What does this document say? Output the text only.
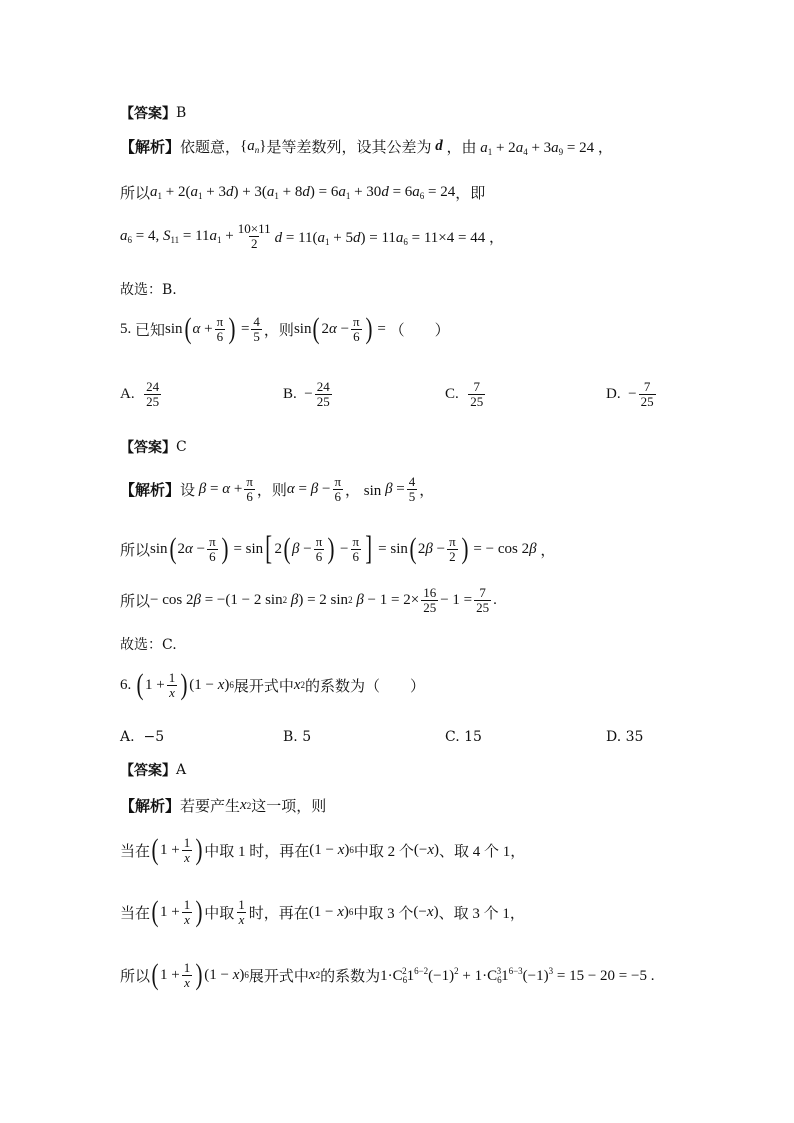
【答案】 B
【解析】 依题意， $\{a_n\}$ 是等差数列，设其公差为 d ，由 $a_1 + 2a_4 + 3a_9 = 24$ ，
所以 $a_1 + 2(a_1 + 3d) + 3(a_1 + 8d) = 6a_1 + 30d = 6a_6 = 24$ ，即
$a_6 = 4$, $S_{11} = 11a_1 + \frac{10\times 11}{2}$ $d = 11(a_1 + 5d) = 11a_6 = 11\times 4 = 44$ ，
故选：B.
5.
已知 sin ( $\alpha + \frac{\pi}{6}$ ) = $\frac{4}{5}$ ，则 sin ( 2 $\alpha - \frac{\pi}{6}$ ) = （　　）
A.
$\frac{24}{25}$	B.
− $\frac{24}{25}$	C.
$\frac{7}{25}$	D.
− $\frac{7}{25}$
【答案】 C
【解析】 设 $\beta = \alpha + \frac{\pi}{6}$ ，则 $\alpha = \beta - \frac{\pi}{6}$ ， $\sin \beta = \frac{4}{5}$ ，
所以 sin ( 2 $\alpha - \frac{\pi}{6}$ ) = sin [ 2 ( $\beta - \frac{\pi}{6}$ ) − $\frac{\pi}{6}$ ] = sin ( 2 $\beta - \frac{\pi}{2}$ ) = − cos 2 β ，
所以 − cos 2 β = −(1 − 2 sin 2
β ) = 2 sin 2
$\beta - 1 = 2\times \frac{16}{25} - 1 = \frac{7}{25}$ .
故选：C.
6.
( $1 + \frac{1}{x}$ ) (1 − x ) 6 展开式中 x 2 的系数为（　　）
A.
−5	B.
5	C.
15	D.
35
【答案】 A
【解析】 若要产生 x 2 这一项，则
当在 ( $1 + \frac{1}{x}$ ) 中取 1 时，再在 (1 − x ) 6 中取 2 个 (− x ) 、取 4 个 1，
当在 ( $1 + \frac{1}{x}$ ) 中取 $\frac{1}{x}$ 时，再在 (1 − x ) 6 中取 3 个 (− x ) 、取 3 个 1，
所以 ( $1 + \frac{1}{x}$ ) (1 − x ) 6 展开式中 x 2 的系数为 $1\cdot C_6^21^{6-2}(-1)^2 + 1\cdot C_6^31^{6-3}(-1)^3 = 15 - 20 = -5$ .
